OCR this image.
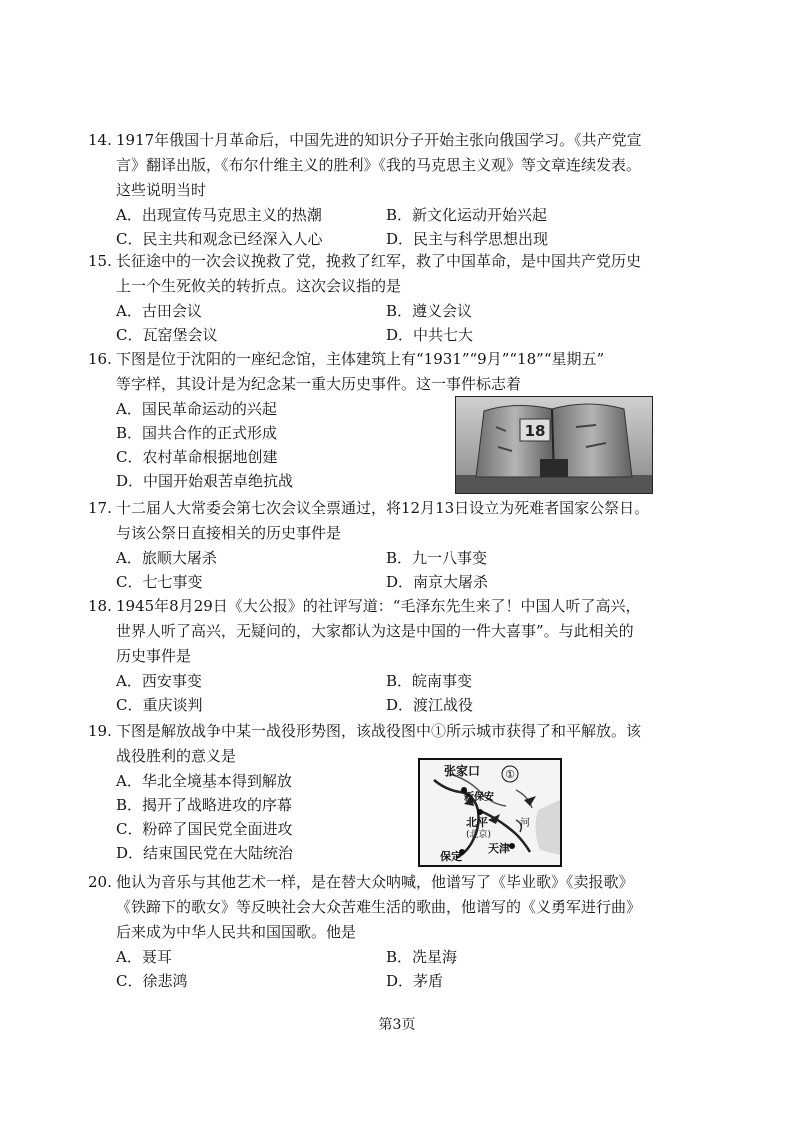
14. 1917年俄国十月革命后，中国先进的知识分子开始主张向俄国学习。《共产党宣
言》翻译出版，《布尔什维主义的胜利》《我的马克思主义观》等文章连续发表。
这些说明当时
A．出现宣传马克思主义的热潮	B．新文化运动开始兴起
C．民主共和观念已经深入人心	D．民主与科学思想出现
15. 长征途中的一次会议挽救了党，挽救了红军，救了中国革命，是中国共产党历史
上一个生死攸关的转折点。这次会议指的是
A．古田会议	B．遵义会议
C．瓦窑堡会议	D．中共七大
16. 下图是位于沈阳的一座纪念馆，主体建筑上有“1931”“9月”“18”“星期五”
等字样，其设计是为纪念某一重大历史事件。这一事件标志着
A．国民革命运动的兴起
B．国共合作的正式形成
C．农村革命根据地创建
D．中国开始艰苦卓绝抗战
18
17. 十二届人大常委会第七次会议全票通过，将12月13日设立为死难者国家公祭日。
与该公祭日直接相关的历史事件是
A．旅顺大屠杀	B．九一八事变
C．七七事变	D．南京大屠杀
18. 1945年8月29日《大公报》的社评写道：“毛泽东先生来了！中国人听了高兴，
世界人听了高兴，无疑问的，大家都认为这是中国的一件大喜事”。与此相关的
历史事件是
A．西安事变	B．皖南事变
C．重庆谈判	D．渡江战役
19. 下图是解放战争中某一战役形势图，该战役图中①所示城市获得了和平解放。该
战役胜利的意义是
A．华北全境基本得到解放
B．揭开了战略进攻的序幕
C．粉碎了国民党全面进攻
D．结束国民党在大陆统治
张家口 ①
新保安
北平
(北京)
保定
天津
河
20. 他认为音乐与其他艺术一样，是在替大众呐喊，他谱写了《毕业歌》《卖报歌》
《铁蹄下的歌女》等反映社会大众苦难生活的歌曲，他谱写的《义勇军进行曲》
后来成为中华人民共和国国歌。他是
A．聂耳	B．冼星海
C．徐悲鸿	D．茅盾
第3页
